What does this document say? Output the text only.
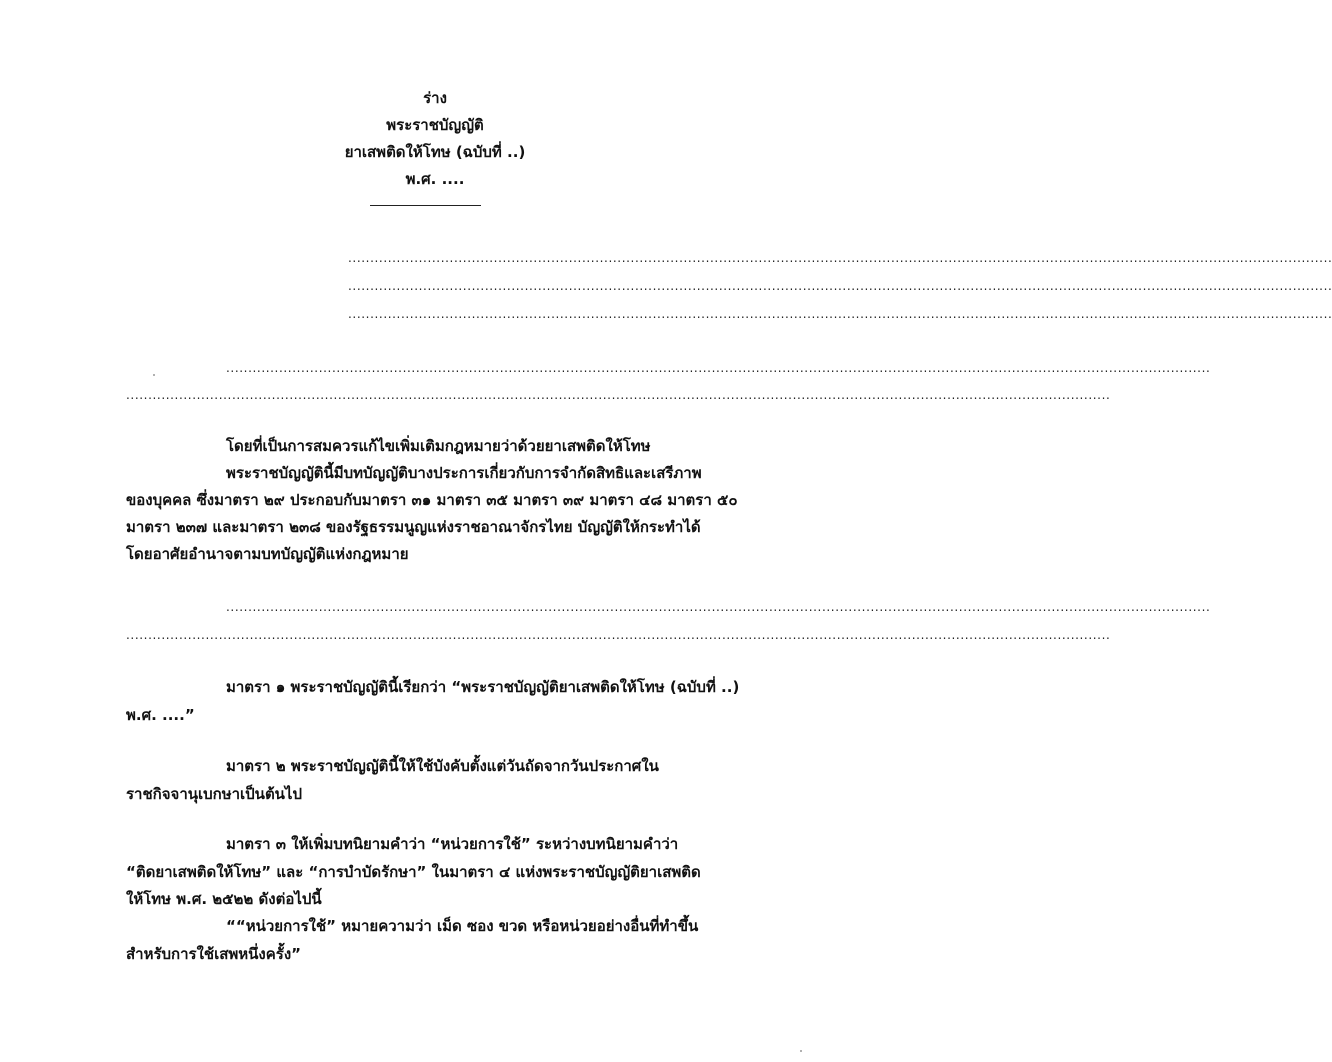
ร่าง
พระราชบัญญัติ
ยาเสพติดให้โทษ (ฉบับที่ ..)
พ.ศ. ....
...............................................................................................................................................................................................................................
...............................................................................................................................................................................................................................
...............................................................................................................................................................................................................................
...............................................................................................................................................................................................................................
...............................................................................................................................................................................................................................
โดยที่เป็นการสมควรแก้ไขเพิ่มเติมกฎหมายว่าด้วยยาเสพติดให้โทษ
พระราชบัญญัตินี้มีบทบัญญัติบางประการเกี่ยวกับการจำกัดสิทธิและเสรีภาพ
ของบุคคล ซึ่งมาตรา ๒๙ ประกอบกับมาตรา ๓๑ มาตรา ๓๕ มาตรา ๓๙ มาตรา ๔๘ มาตรา ๕๐
มาตรา ๒๓๗ และมาตรา ๒๓๘ ของรัฐธรรมนูญแห่งราชอาณาจักรไทย บัญญัติให้กระทำได้
โดยอาศัยอำนาจตามบทบัญญัติแห่งกฎหมาย
...............................................................................................................................................................................................................................
...............................................................................................................................................................................................................................
มาตรา ๑ พระราชบัญญัตินี้เรียกว่า “พระราชบัญญัติยาเสพติดให้โทษ (ฉบับที่ ..)
พ.ศ. ....”
มาตรา ๒ พระราชบัญญัตินี้ให้ใช้บังคับตั้งแต่วันถัดจากวันประกาศใน
ราชกิจจานุเบกษาเป็นต้นไป
มาตรา ๓ ให้เพิ่มบทนิยามคำว่า “หน่วยการใช้” ระหว่างบทนิยามคำว่า
“ติดยาเสพติดให้โทษ” และ “การบำบัดรักษา” ในมาตรา ๔ แห่งพระราชบัญญัติยาเสพติด
ให้โทษ พ.ศ. ๒๕๒๒ ดังต่อไปนี้
““หน่วยการใช้” หมายความว่า เม็ด ซอง ขวด หรือหน่วยอย่างอื่นที่ทำขึ้น
สำหรับการใช้เสพหนึ่งครั้ง”
